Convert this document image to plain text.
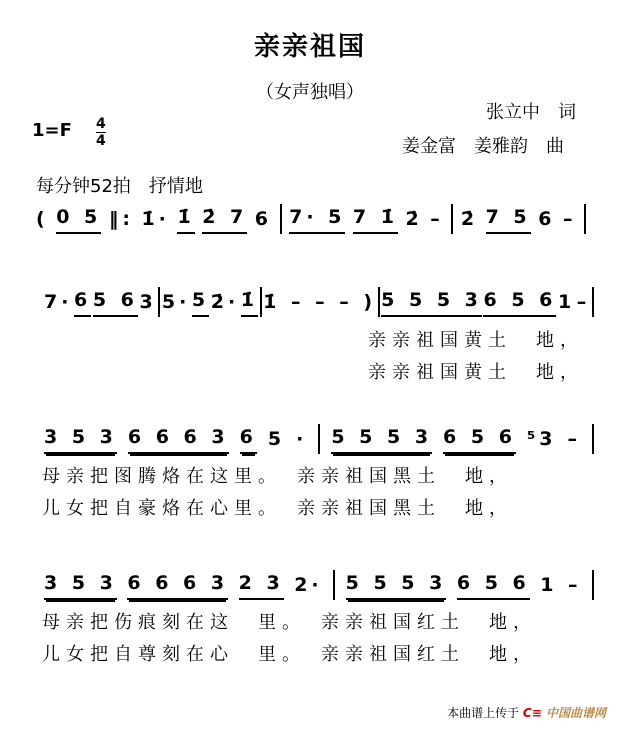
亲亲祖国
（女声独唱）
张立中　词
姜金富　姜雅韵　曲
$1=F \frac{4}{4}$
每分钟52拍　抒情地
( 0 5 ‖: 1̇· 1̇ 2̇ 7 6 7· 5 7 1̇ 2̇ – 2̇ 7 5 6 –
7· 6 5 6 3 5· 5 2̇· 1̇ 1̇ – – – ) 5 5 5 3 6 5 6 1 –
3 5 3 6 6 6 3 6 5 · 5 5 5 3 6 5 6 ⁵3 –
3 5 3 6 6 6 3 2 3 2· 5 5 5 3 6 5 6 1 –
亲亲祖国黄土　地，
亲亲祖国黄土　地，
母亲把图腾烙在这里。　亲亲祖国黑土　地，
儿女把自豪烙在心里。　亲亲祖国黑土　地，
母亲把伤痕刻在这　里。　亲亲祖国红土　地，
儿女把自尊刻在心　里。　亲亲祖国红土　地，
本曲谱上传于 C≡ 中国曲谱网
